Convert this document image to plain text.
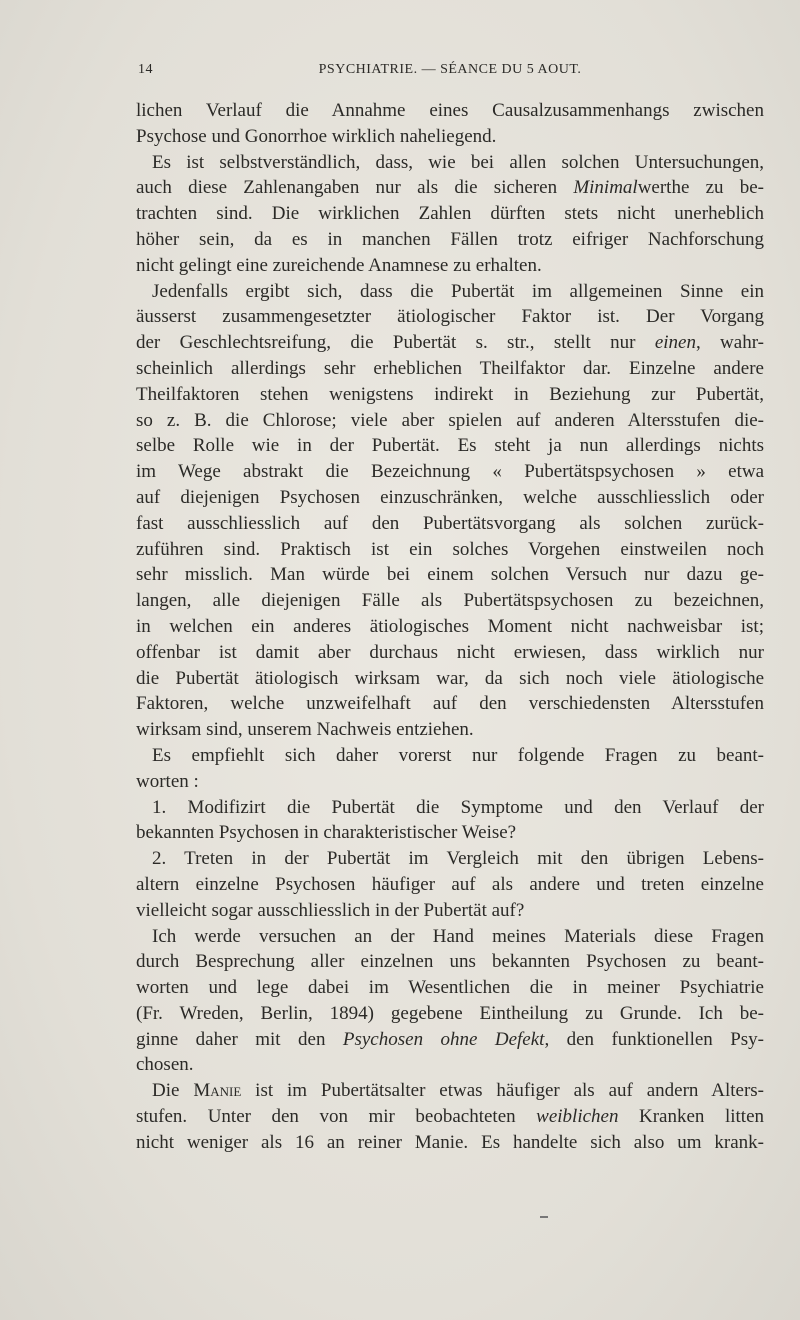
14	PSYCHIATRIE. — SÉANCE DU 5 AOUT.
lichen Verlauf die Annahme eines Causalzusammenhangs zwischen
Psychose und Gonorrhoe wirklich naheliegend.
Es ist selbstverständlich, dass, wie bei allen solchen Untersuchungen,
auch diese Zahlenangaben nur als die sicheren Minimalwerthe zu be-
trachten sind. Die wirklichen Zahlen dürften stets nicht unerheblich
höher sein, da es in manchen Fällen trotz eifriger Nachforschung
nicht gelingt eine zureichende Anamnese zu erhalten.
Jedenfalls ergibt sich, dass die Pubertät im allgemeinen Sinne ein
äusserst zusammengesetzter ätiologischer Faktor ist. Der Vorgang
der Geschlechtsreifung, die Pubertät s. str., stellt nur einen, wahr-
scheinlich allerdings sehr erheblichen Theilfaktor dar. Einzelne andere
Theilfaktoren stehen wenigstens indirekt in Beziehung zur Pubertät,
so z. B. die Chlorose; viele aber spielen auf anderen Altersstufen die-
selbe Rolle wie in der Pubertät. Es steht ja nun allerdings nichts
im Wege abstrakt die Bezeichnung « Pubertätspsychosen » etwa
auf diejenigen Psychosen einzuschränken, welche ausschliesslich oder
fast ausschliesslich auf den Pubertätsvorgang als solchen zurück-
zuführen sind. Praktisch ist ein solches Vorgehen einstweilen noch
sehr misslich. Man würde bei einem solchen Versuch nur dazu ge-
langen, alle diejenigen Fälle als Pubertätspsychosen zu bezeichnen,
in welchen ein anderes ätiologisches Moment nicht nachweisbar ist;
offenbar ist damit aber durchaus nicht erwiesen, dass wirklich nur
die Pubertät ätiologisch wirksam war, da sich noch viele ätiologische
Faktoren, welche unzweifelhaft auf den verschiedensten Altersstufen
wirksam sind, unserem Nachweis entziehen.
Es empfiehlt sich daher vorerst nur folgende Fragen zu beant-
worten :
1. Modifizirt die Pubertät die Symptome und den Verlauf der
bekannten Psychosen in charakteristischer Weise?
2. Treten in der Pubertät im Vergleich mit den übrigen Lebens-
altern einzelne Psychosen häufiger auf als andere und treten einzelne
vielleicht sogar ausschliesslich in der Pubertät auf?
Ich werde versuchen an der Hand meines Materials diese Fragen
durch Besprechung aller einzelnen uns bekannten Psychosen zu beant-
worten und lege dabei im Wesentlichen die in meiner Psychiatrie
(Fr. Wreden, Berlin, 1894) gegebene Eintheilung zu Grunde. Ich be-
ginne daher mit den Psychosen ohne Defekt, den funktionellen Psy-
chosen.
Die Manie ist im Pubertätsalter etwas häufiger als auf andern Alters-
stufen. Unter den von mir beobachteten weiblichen Kranken litten
nicht weniger als 16 an reiner Manie. Es handelte sich also um krank-
